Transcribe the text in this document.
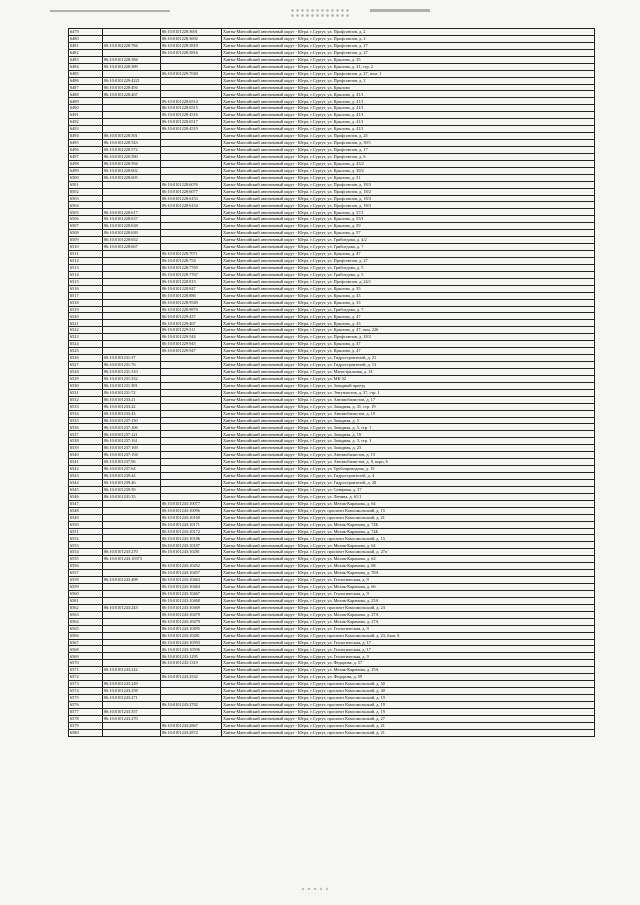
6479		86:10:0101228:3691	Ханты-Мансийский автономный округ - Югра, г.Сургут, ул. Профсоюзов, д. 2
6480		86:10:0101228:3692	Ханты-Мансийский автономный округ - Югра, г.Сургут, ул. Профсоюзов, д. 2
6481	86:10:0101228:784	86:10:0101228:3819	Ханты-Мансийский автономный округ - Югра, г.Сургут, ул. Профсоюзов, д. 27
6482		86:10:0101228:3816	Ханты-Мансийский автономный округ - Югра, г.Сургут, ул. Профсоюзов, д. 27
6483	86:10:0101228:384		Ханты-Мансийский автономный округ - Югра, г.Сургут, ул. Крылова, д. 35
6484	86:10:0101228:389		Ханты-Мансийский автономный округ - Югра, г.Сургут, ул. Крылова, д. 31, стр. 2
6485		86:10:0101229:7040	Ханты-Мансийский автономный округ - Югра, г.Сургут, ул. Профсоюзов, д. 27, пом. 1
6486	86:10:0101229:4221		Ханты-Мансийский автономный округ - Югра, г.Сургут, ул. Профсоюзов, д. 2
6487	86:10:0101228:494		Ханты-Мансийский автономный округ - Югра, г.Сургут, ул. Крылова
6488	86:10:0101228:467		Ханты-Мансийский автономный округ - Югра, г.Сургут, ул. Крылова, д. 41/1
6489		86:10:0101228:6514	Ханты-Мансийский автономный округ - Югра, г.Сургут, ул. Крылова, д. 41/1
6490		86:10:0101228:6515	Ханты-Мансийский автономный округ - Югра, г.Сургут, ул. Крылова, д. 41/1
6491		86:10:0101228:4516	Ханты-Мансийский автономный округ - Югра, г.Сургут, ул. Крылова, д. 41/1
6492		86:10:0101228:6517	Ханты-Мансийский автономный округ - Югра, г.Сургут, ул. Крылова, д. 41/1
6493		86:10:0101228:4519	Ханты-Мансийский автономный округ - Югра, г.Сургут, ул. Крылова, д. 41/1
6494	86:10:0101228:501		Ханты-Мансийский автономный округ - Югра, г.Сургут, ул. Профсоюзов, д. 25
6495	86:10:0101228:543		Ханты-Мансийский автономный округ - Югра, г.Сургут, ул. Профсоюзов, д. 39/1
6496	86:10:0101228:572		Ханты-Мансийский автономный округ - Югра, г.Сургут, ул. Профсоюзов, д. 17
6497	86:10:0101228:580		Ханты-Мансийский автономный округ - Югра, г.Сургут, ул. Профсоюзов, д. 6
6498	86:10:0101228:594		Ханты-Мансийский автономный округ - Югра, г.Сургут, ул. Крылова, д. 43/2
6499	86:10:0101228:602		Ханты-Мансийский автономный округ - Югра, г.Сургут, ул. Крылова, д. 39/2
6500	86:10:0101228:605		Ханты-Мансийский автономный округ - Югра, г.Сургут, ул. Крылова, д. 31
6501		86:10:0101228:6076	Ханты-Мансийский автономный округ - Югра, г.Сургут, ул. Профсоюзов, д. 18/3
6502		86:10:0101228:6077	Ханты-Мансийский автономный округ - Югра, г.Сургут, ул. Профсоюзов, д. 18/2
6503		86:10:0101228:6153	Ханты-Мансийский автономный округ - Югра, г.Сургут, ул. Профсоюзов, д. 18/3
6504		86:10:0101228:6154	Ханты-Мансийский автономный округ - Югра, г.Сургут, ул. Профсоюзов, д. 18/3
6505	86:10:0101228:617		Ханты-Мансийский автономный округ - Югра, г.Сургут, ул. Крылова, д. 57/1
6506	86:10:0101228:637		Ханты-Мансийский автономный округ - Югра, г.Сургут, ул. Крылова, д. 55/1
6507	86:10:0101228:638		Ханты-Мансийский автономный округ - Югра, г.Сургут, ул. Крылова, д. 59
6508	86:10:0101228:639		Ханты-Мансийский автономный округ - Югра, г.Сургут, ул. Крылова, д. 57
6509	86:10:0101228:652		Ханты-Мансийский автономный округ - Югра, г.Сургут, ул. Грибоедова, д. 4/2
6510	86:10:0101228:667		Ханты-Мансийский автономный округ - Югра, г.Сургут, ул. Грибоедова, д. 7
6511		86:10:0101228:7071	Ханты-Мансийский автономный округ - Югра, г.Сургут, ул. Крылова, д. 47
6512		86:10:0101228:754	Ханты-Мансийский автономный округ - Югра, г.Сургут, ул. Профсоюзов, д. 27
6513		86:10:0101228:7765	Ханты-Мансийский автономный округ - Югра, г.Сургут, ул. Грибоедова, д. 5
6514		86:10:0101228:7767	Ханты-Мансийский автономный округ - Югра, г.Сургут, ул. Грибоедова, д. 5
6515		86:10:0101228:815	Ханты-Мансийский автономный округ - Югра, г.Сургут, ул. Профсоюзов, д. 24/1
6516		86:10:0101228:847	Ханты-Мансийский автономный округ - Югра, г.Сургут, ул. Крылова, д. 35
6517		86:10:0101228:886	Ханты-Мансийский автономный округ - Югра, г.Сургут, ул. Крылова, д. 43
6518		86:10:0101228:9549	Ханты-Мансийский автономный округ - Югра, г.Сургут, ул. Крылова, д. 33
6519		86:10:0101228:9870	Ханты-Мансийский автономный округ - Югра, г.Сургут, ул. Грибоедова, д. 7
6520		86:10:0101229:437	Ханты-Мансийский автономный округ - Югра, г.Сургут, ул. Крылова, д. 47
6521		86:10:0101229:467	Ханты-Мансийский автономный округ - Югра, г.Сургут, ул. Крылова, д. 43
6522		86:10:0101229:511	Ханты-Мансийский автономный округ - Югра, г.Сургут, ул. Крылова, д. 47, пом. 226
6523		86:10:0101229:544	Ханты-Мансийский автономный округ - Югра, г.Сургут, ул. Профсоюзов, д. 18/2
6524		86:10:0101229:945	Ханты-Мансийский автономный округ - Югра, г.Сургут, ул. Крылова, д. 47
6525		86:10:0101229:947	Ханты-Мансийский автономный округ - Югра, г.Сургут, ул. Крылова, д. 47
6526	86:10:0101231:37		Ханты-Мансийский автономный округ - Югра, г.Сургут, ул. Гидростроителей, д. 21
6527	86:10:0101231:76		Ханты-Мансийский автономный округ - Югра, г.Сургут, ул. Гидростроителей, д. 13
6528	86:10:0101231:310		Ханты-Мансийский автономный округ - Югра, г.Сургут, ул. Магистральная, д. 14
6529	86:10:0101231:352		Ханты-Мансийский автономный округ - Югра, г.Сургут, ул. МК-32
6530	86:10:0101231:391		Ханты-Мансийский автономный округ - Югра, г.Сургут, ул. Западный проезд
6531	86:10:0101231:72		Ханты-Мансийский автономный округ - Югра, г.Сургут, ул. Энтузиастов, д. 37, стр. 1
6532	86:10:0101233:21		Ханты-Мансийский автономный округ - Югра, г.Сургут, ул. Автомобилистов, д. 17
6533	86:10:0101233:22		Ханты-Мансийский автономный округ - Югра, г.Сургут, ул. Западная, д. 31, стр. 19
6534	86:10:0101233:43		Ханты-Мансийский автономный округ - Югра, г.Сургут, ул. Автомобилистов, д. 19
6535	86:10:0101237:150		Ханты-Мансийский автономный округ - Югра, г.Сургут, ул. Западная, д. 5
6536	86:10:0101237:106		Ханты-Мансийский автономный округ - Югра, г.Сургут, ул. Западная, д. 5, стр. 1
6537	86:10:0101237:121		Ханты-Мансийский автономный округ - Югра, г.Сургут, ул. Западная, д. 19
6538	86:10:0101237:161		Ханты-Мансийский автономный округ - Югра, г.Сургут, ул. Западная, д. 3, стр. 1
6539	86:10:0101237:169		Ханты-Мансийский автономный округ - Югра, г.Сургут, ул. Западная, д. 23
6540	86:10:0101237:194		Ханты-Мансийский автономный округ - Югра, г.Сургут, ул. Автомобилистов, д. 15
6541	86:10:0101237:96		Ханты-Мансийский автономный округ - Югра, г.Сургут, ул. Автомобилистов, д. 9, корп. 6
6542	86:10:0101237:64		Ханты-Мансийский автономный округ - Югра, г.Сургут, ул. Трубопроводная, д. 15
6543	86:10:0101239:44		Ханты-Мансийский автономный округ - Югра, г.Сургут, ул. Гидростроителей, д. 4
6544	86:10:0101239:46		Ханты-Мансийский автономный округ - Югра, г.Сургут, ул. Гидростроителей, д. 28
6545	86:10:0101239:59		Ханты-Мансийский автономный округ - Югра, г.Сургут, ул. Северная, д. 37
6546	86:10:0101241:35		Ханты-Мансийский автономный округ - Югра, г.Сургут, ул. Ленина, д. 61/1
6547		86:10:0101243:10077	Ханты-Мансийский автономный округ - Югра, г.Сургут, ул. Мелик-Карамова, д. 64
6548		86:10:0101243:10096	Ханты-Мансийский автономный округ - Югра, г.Сургут, проспект Комсомольский, д. 15
6549		86:10:0101243:10160	Ханты-Мансийский автономный округ - Югра, г.Сургут, проспект Комсомольский, д. 21
6550		86:10:0101243:10171	Ханты-Мансийский автономный округ - Югра, г.Сургут, ул. Мелик-Карамова, д. 74Б
6551		86:10:0101243:10172	Ханты-Мансийский автономный округ - Югра, г.Сургут, ул. Мелик-Карамова, д. 74Б
6552		86:10:0101243:10186	Ханты-Мансийский автономный округ - Югра, г.Сургут, проспект Комсомольский, д. 15
6553		86:10:0101243:10197	Ханты-Мансийский автономный округ - Югра, г.Сургут, ул. Мелик-Карамова, д. 64
6554	86:10:0101243:270	86:10:0101243:10281	Ханты-Мансийский автономный округ - Югра, г.Сургут, проспект Комсомольский, д. 27а
6555	86:10:0101243:10373		Ханты-Мансийский автономный округ - Югра, г.Сургут, ул. Мелик-Карамова, д. 62
6556		86:10:0101243:10452	Ханты-Мансийский автономный округ - Югра, г.Сургут, ул. Мелик-Карамова, д. 68
6557		86:10:0101243:10457	Ханты-Мансийский автономный округ - Югра, г.Сургут, ул. Мелик-Карамова, д. 78А
6558	86:10:0101243:498	86:10:0101243:10463	Ханты-Мансийский автономный округ - Югра, г.Сургут, ул. Геологическая, д. 9
6559		86:10:0101243:10464	Ханты-Мансийский автономный округ - Югра, г.Сургут, ул. Мелик-Карамова, д. 66
6560		86:10:0101243:10467	Ханты-Мансийский автономный округ - Югра, г.Сургут, ул. Геологическая, д. 9
6561		86:10:0101243:10468	Ханты-Мансийский автономный округ - Югра, г.Сургут, ул. Мелик-Карамова, д. 25А
6562	86:10:0101243:243	86:10:0101243:10469	Ханты-Мансийский автономный округ - Югра, г.Сургут, проспект Комсомольский, д. 23
6563		86:10:0101243:10470	Ханты-Мансийский автономный округ - Югра, г.Сургут, ул. Мелик-Карамова, д. 27А
6564		86:10:0101243:10479	Ханты-Мансийский автономный округ - Югра, г.Сургут, ул. Мелик-Карамова, д. 27А
6565		86:10:0101243:10495	Ханты-Мансийский автономный округ - Югра, г.Сургут, ул. Геологическая, д. 9
6566		86:10:0101243:10481	Ханты-Мансийский автономный округ - Югра, г.Сургут, проспект Комсомольский, д. 23, блок А
6567		86:10:0101243:10593	Ханты-Мансийский автономный округ - Югра, г.Сургут, ул. Геологическая, д. 17
6568		86:10:0101243:10596	Ханты-Мансийский автономный округ - Югра, г.Сургут, ул. Геологическая, д. 17
6569		86:10:0101243:1295	Ханты-Мансийский автономный округ - Югра, г.Сургут, ул. Геологическая, д. 9
6570		86:10:0101243:1319	Ханты-Мансийский автономный округ - Югра, г.Сургут, ул. Федорова, д. 57
6571	86:10:0101243:242		Ханты-Мансийский автономный округ - Югра, г.Сургут, ул. Мелик-Карамова, д. 25А
6572		86:10:0101243:2532	Ханты-Мансийский автономный округ - Югра, г.Сургут, ул. Федорова, д. 59
6573	86:10:0101243:249		Ханты-Мансийский автономный округ - Югра, г.Сургут, проспект Комсомольский, д. 50
6574	86:10:0101243:258		Ханты-Мансийский автономный округ - Югра, г.Сургут, проспект Комсомольский, д. 40
6575	86:10:0101243:271		Ханты-Мансийский автономный округ - Югра, г.Сургут, проспект Комсомольский, д. 19
6576		86:10:0101243:2782	Ханты-Мансийский автономный округ - Югра, г.Сургут, проспект Комсомольский, д. 19
6577	86:10:0101243:357		Ханты-Мансийский автономный округ - Югра, г.Сургут, проспект Комсомольский, д. 19
6578	86:10:0101243:270		Ханты-Мансийский автономный округ - Югра, г.Сургут, проспект Комсомольский, д. 27
6579		86:10:0101243:2867	Ханты-Мансийский автономный округ - Югра, г.Сургут, проспект Комсомольский, д. 21
6580		86:10:0101243:2872	Ханты-Мансийский автономный округ - Югра, г.Сургут, проспект Комсомольский, д. 21
